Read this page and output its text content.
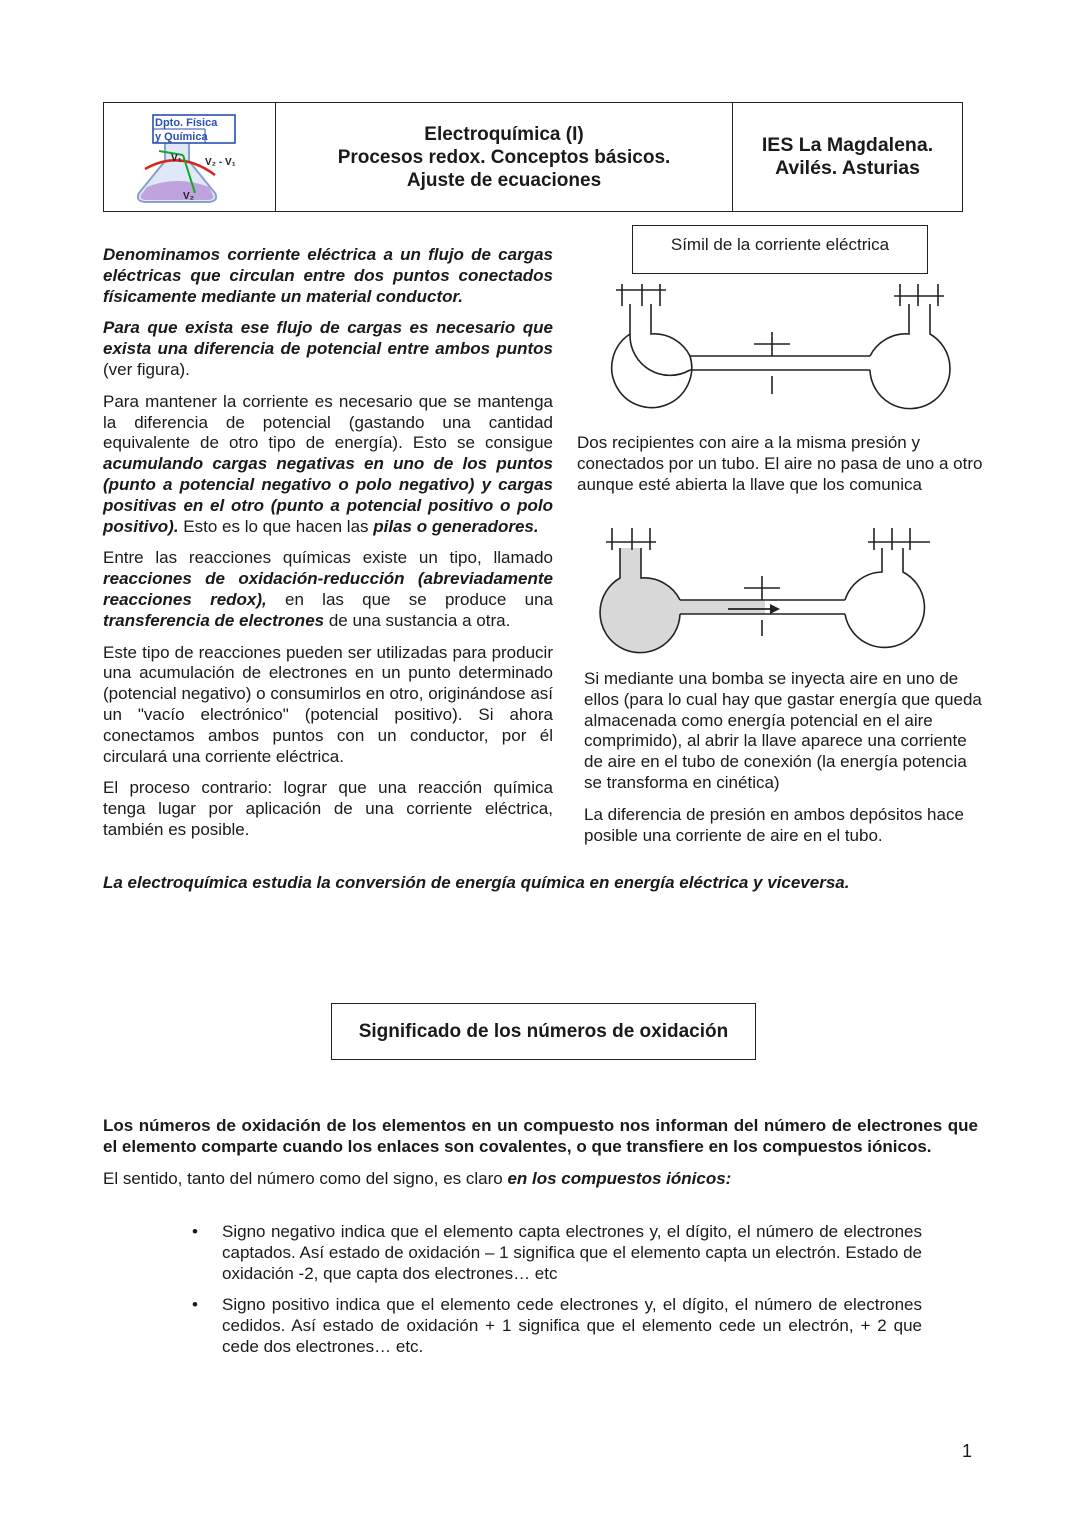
V₁
V₂
V₂ - V₁
Dpto. Física
y Química	Electroquímica (I)
Procesos redox. Conceptos básicos.
Ajuste de ecuaciones
IES La Magdalena.
Avilés. Asturias

Denominamos corriente eléctrica a un flujo de cargas eléctricas que circulan entre dos puntos conectados físicamente mediante un material conductor.

Para que exista ese flujo de cargas es necesario que exista una diferencia de potencial entre ambos puntos (ver figura).

Para mantener la corriente es necesario que se mantenga la diferencia de potencial (gastando una cantidad equivalente de otro tipo de energía). Esto se consigue acumulando cargas negativas en uno de los puntos (punto a potencial negativo o polo negativo) y cargas positivas en el otro (punto a potencial positivo o polo positivo). Esto es lo que hacen las pilas o generadores.

Entre las reacciones químicas existe un tipo, llamado reacciones de oxidación-reducción (abreviadamente reacciones redox), en las que se produce una transferencia de electrones de una sustancia a otra.

Este tipo de reacciones pueden ser utilizadas para producir una acumulación de electrones en un punto determinado (potencial negativo) o consumirlos en otro, originándose así un "vacío electrónico" (potencial positivo). Si ahora conectamos ambos puntos con un conductor, por él circulará una corriente eléctrica.

El proceso contrario: lograr que una reacción química tenga lugar por aplicación de una corriente eléctrica, también es posible.

Símil de la corriente eléctrica

Dos recipientes con aire a la misma presión y conectados por un tubo. El aire no pasa de uno a otro aunque esté abierta la llave que los comunica

Si mediante una bomba se inyecta aire en uno de ellos (para lo cual hay que gastar energía que queda almacenada como energía potencial en el aire comprimido), al abrir la llave aparece una corriente de aire en el tubo de conexión (la energía potencia se transforma en cinética)

La diferencia de presión en ambos depósitos hace posible una corriente de aire en el tubo.

La electroquímica estudia la conversión de energía química en energía eléctrica y viceversa.

Significado de los números de oxidación

Los números de oxidación de los elementos en un compuesto nos informan del número de electrones que el elemento comparte cuando los enlaces son covalentes, o que transfiere en los compuestos iónicos.

El sentido, tanto del número como del signo, es claro en los compuestos iónicos:

• Signo negativo indica que el elemento capta electrones y, el dígito, el número de electrones captados. Así estado de oxidación – 1 significa que el elemento capta un electrón. Estado de oxidación -2, que capta dos electrones… etc
• Signo positivo indica que el elemento cede electrones y, el dígito, el número de electrones cedidos. Así estado de oxidación + 1 significa que el elemento cede un electrón, + 2 que cede dos electrones… etc.
1
